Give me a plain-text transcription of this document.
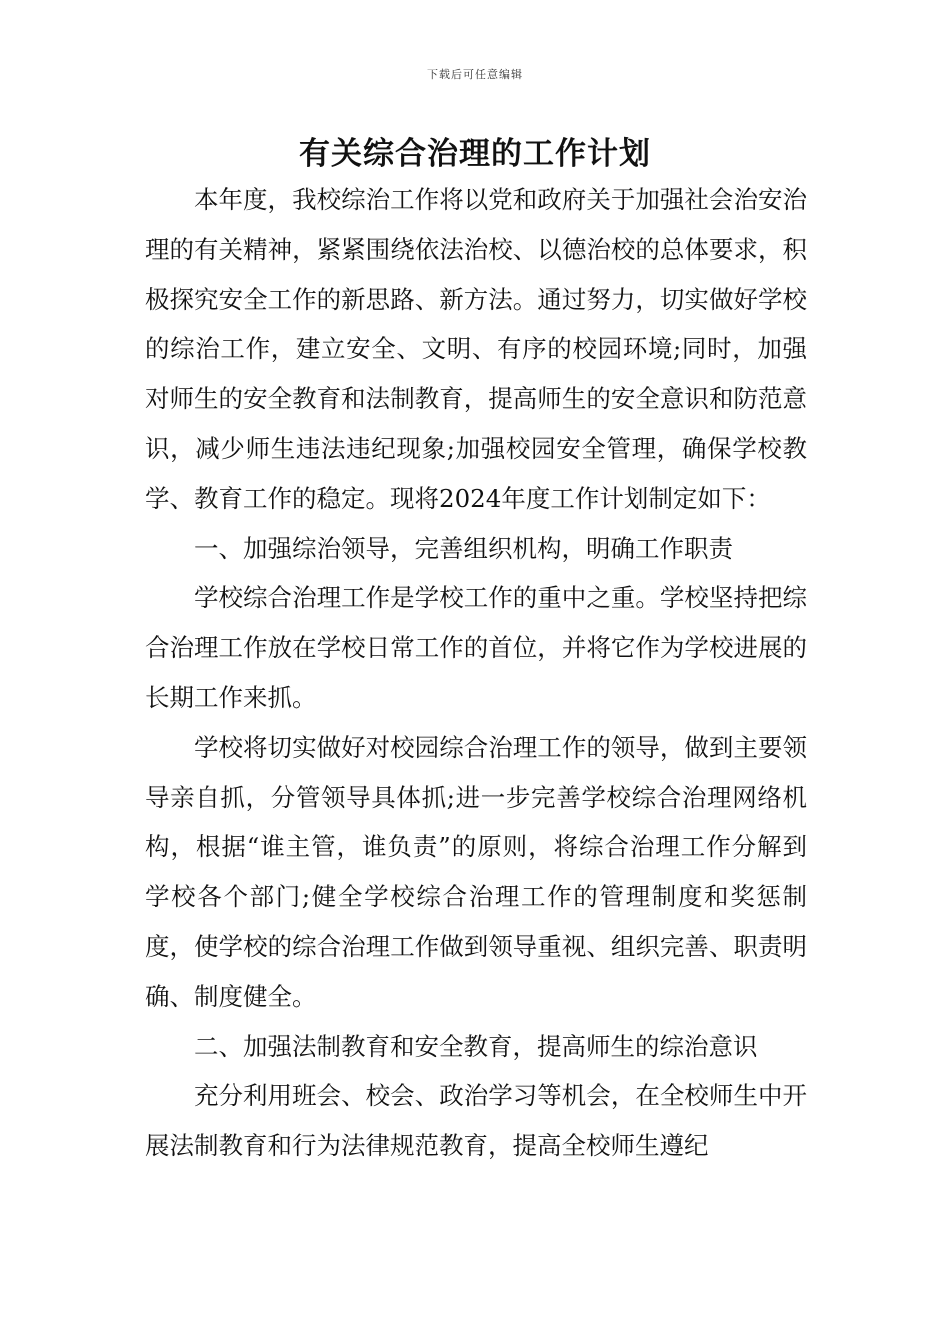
下载后可任意编辑
有关综合治理的工作计划

本年度，我校综治工作将以党和政府关于加强社会治安治理的有关精神，紧紧围绕依法治校、以德治校的总体要求，积极探究安全工作的新思路、新方法。通过努力，切实做好学校的综治工作，建立安全、文明、有序的校园环境;同时，加强对师生的安全教育和法制教育，提高师生的安全意识和防范意识，减少师生违法违纪现象;加强校园安全管理，确保学校教学、教育工作的稳定。现将2024年度工作计划制定如下：

一、加强综治领导，完善组织机构，明确工作职责

学校综合治理工作是学校工作的重中之重。学校坚持把综合治理工作放在学校日常工作的首位，并将它作为学校进展的长期工作来抓。

学校将切实做好对校园综合治理工作的领导，做到主要领导亲自抓，分管领导具体抓;进一步完善学校综合治理网络机构，根据“谁主管，谁负责”的原则，将综合治理工作分解到学校各个部门;健全学校综合治理工作的管理制度和奖惩制度，使学校的综合治理工作做到领导重视、组织完善、职责明确、制度健全。

二、加强法制教育和安全教育，提高师生的综治意识

充分利用班会、校会、政治学习等机会，在全校师生中开展法制教育和行为法律规范教育，提高全校师生遵纪
